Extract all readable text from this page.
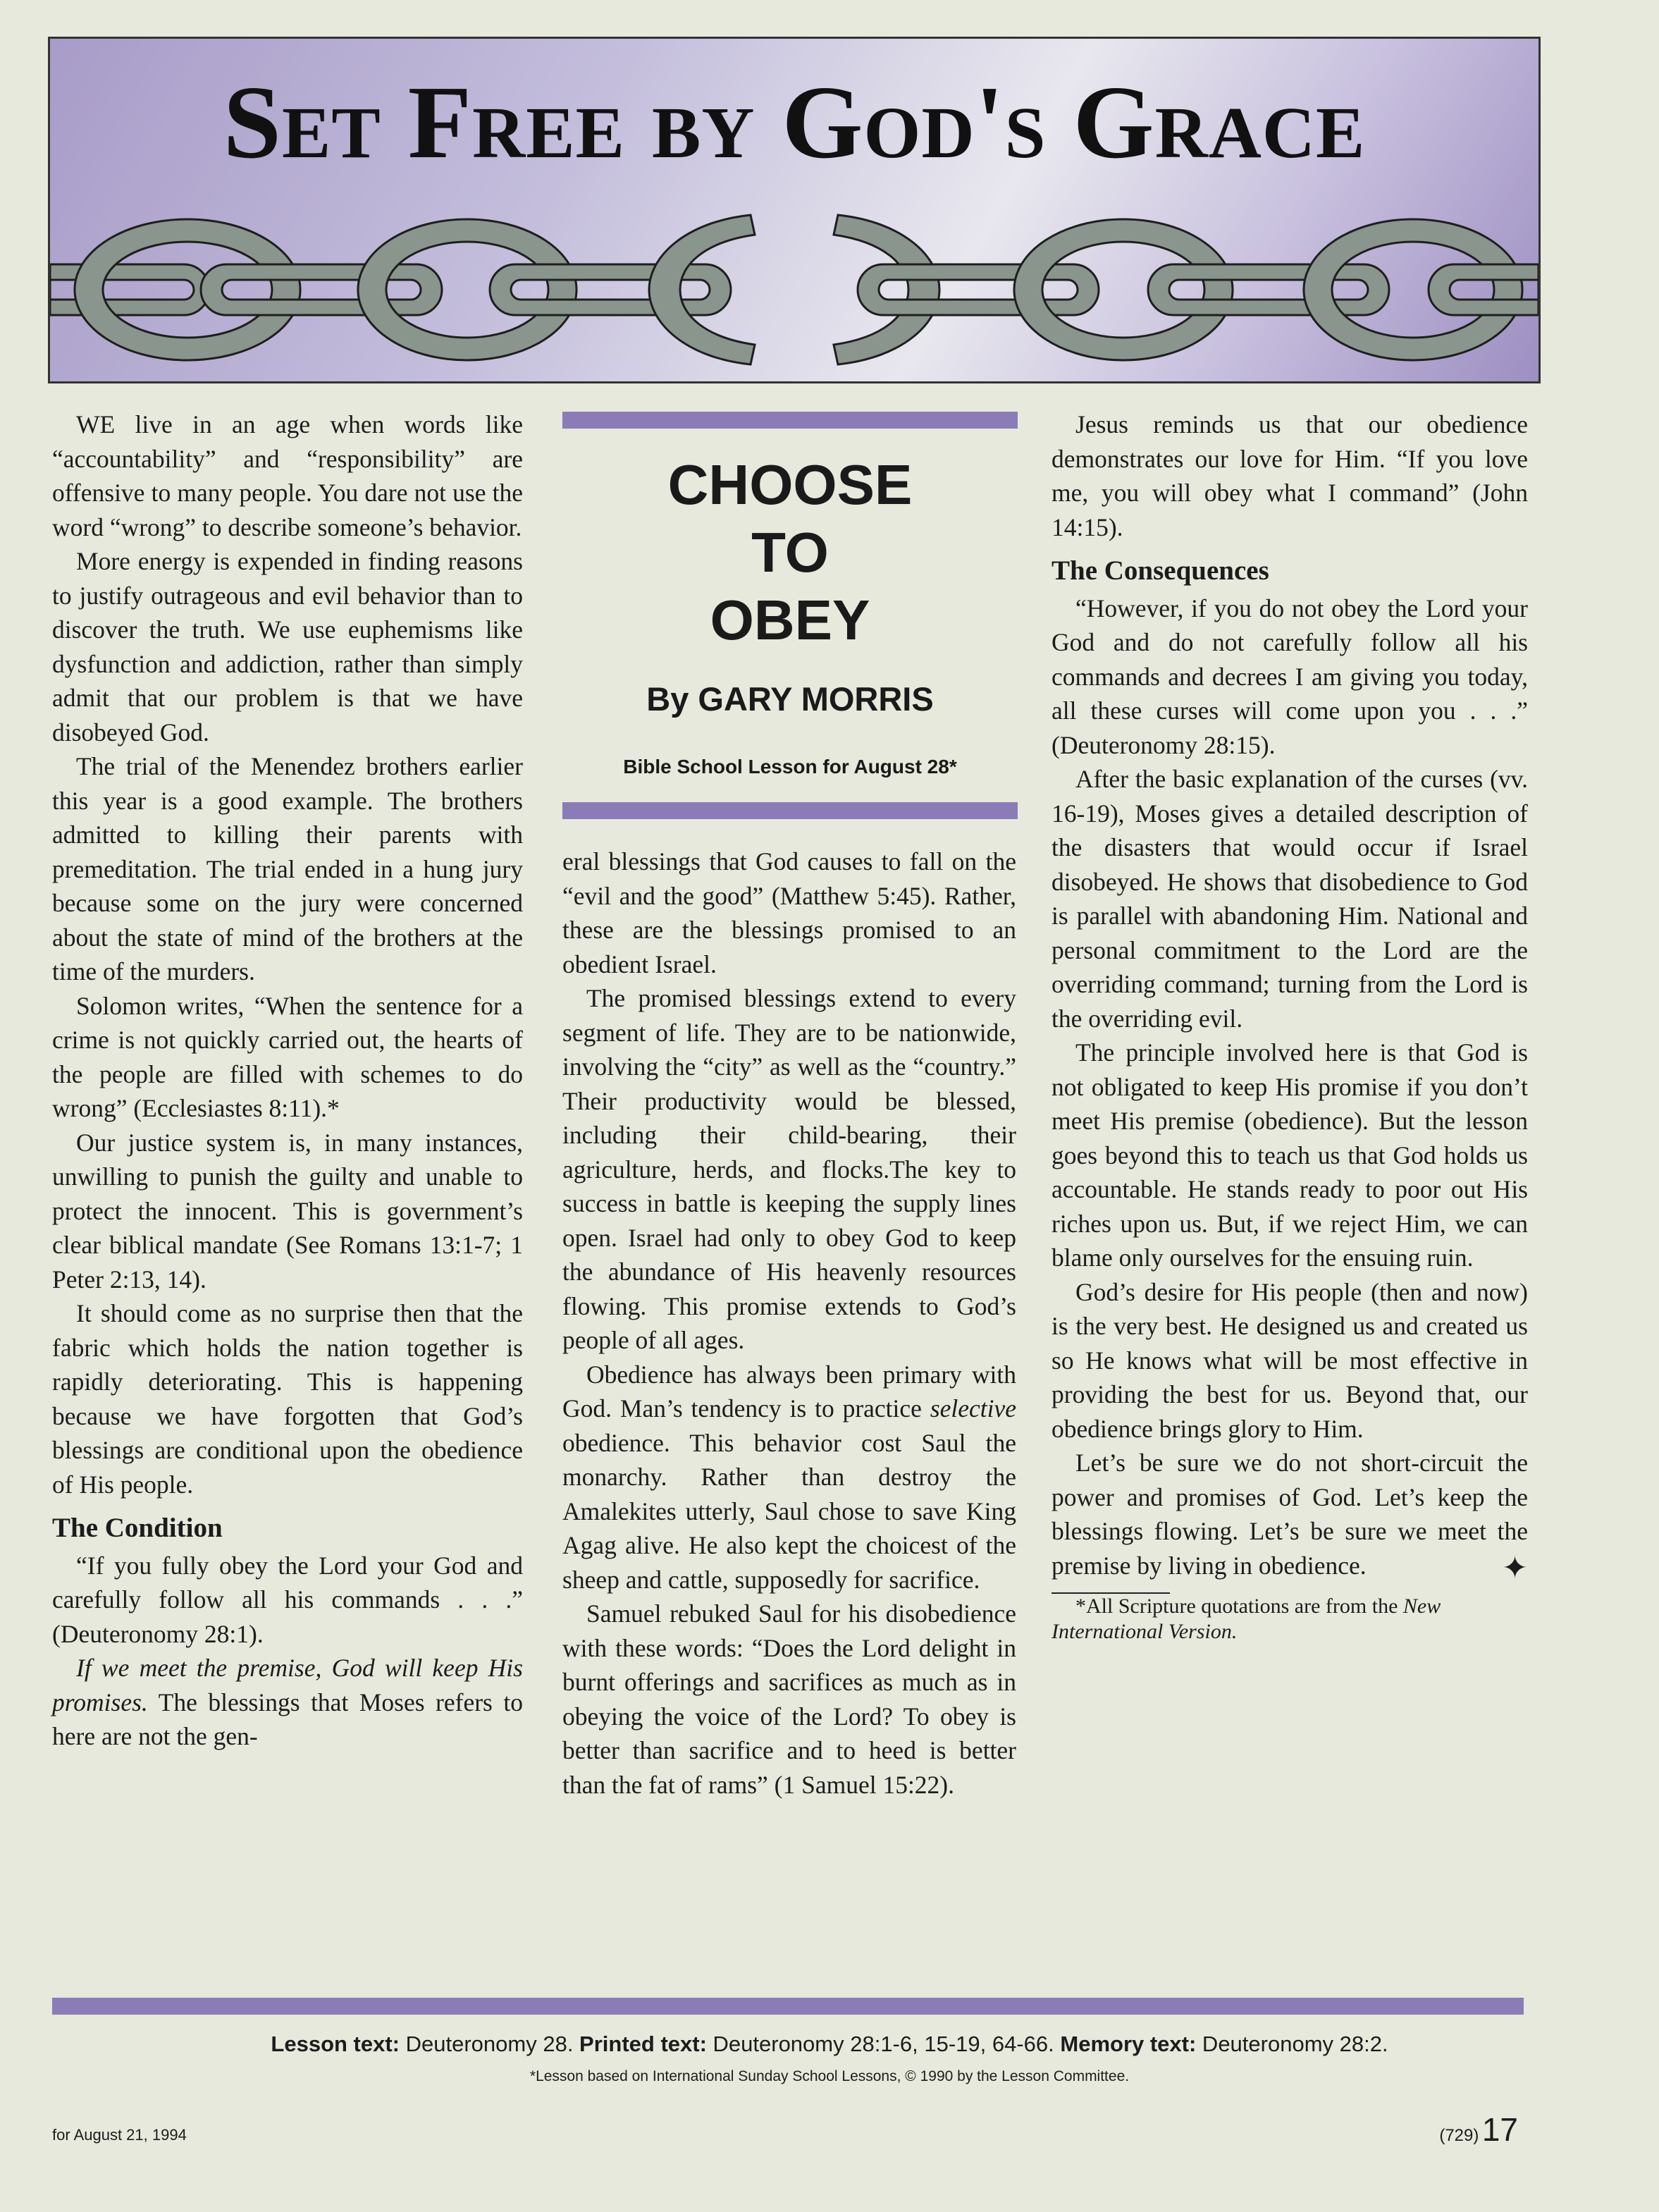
Set Free by God's Grace

WE live in an age when words like “accountability” and “responsibility” are offensive to many people. You dare not use the word “wrong” to describe someone’s behavior.

More energy is expended in finding reasons to justify outrageous and evil behavior than to discover the truth. We use euphemisms like dysfunction and addiction, rather than simply admit that our problem is that we have disobeyed God.

The trial of the Menendez brothers earlier this year is a good example. The brothers admitted to killing their parents with premeditation. The trial ended in a hung jury because some on the jury were concerned about the state of mind of the brothers at the time of the murders.

Solomon writes, “When the sentence for a crime is not quickly carried out, the hearts of the people are filled with schemes to do wrong” (Ecclesiastes 8:11).*

Our justice system is, in many instances, unwilling to punish the guilty and unable to protect the innocent. This is government’s clear biblical mandate (See Romans 13:1-7; 1 Peter 2:13, 14).

It should come as no surprise then that the fabric which holds the nation together is rapidly deteriorating. This is happening because we have forgotten that God’s blessings are conditional upon the obedience of His people.

The Condition

“If you fully obey the Lord your God and carefully follow all his commands . . .” (Deuteronomy 28:1).

If we meet the premise, God will keep His promises. The blessings that Moses refers to here are not the gen-

CHOOSE
TO
OBEY
By GARY MORRIS
Bible School Lesson for August 28*

eral blessings that God causes to fall on the “evil and the good” (Matthew 5:45). Rather, these are the blessings promised to an obedient Israel.

The promised blessings extend to every segment of life. They are to be nationwide, involving the “city” as well as the “country.” Their productivity would be blessed, including their child-bearing, their agriculture, herds, and flocks.The key to success in battle is keeping the supply lines open. Israel had only to obey God to keep the abundance of His heavenly resources flowing. This promise extends to God’s people of all ages.

Obedience has always been primary with God. Man’s tendency is to practice selective obedience. This behavior cost Saul the monarchy. Rather than destroy the Amalekites utterly, Saul chose to save King Agag alive. He also kept the choicest of the sheep and cattle, supposedly for sacrifice.

Samuel rebuked Saul for his disobedience with these words: “Does the Lord delight in burnt offerings and sacrifices as much as in obeying the voice of the Lord? To obey is better than sacrifice and to heed is better than the fat of rams” (1 Samuel 15:22).

Jesus reminds us that our obedience demonstrates our love for Him. “If you love me, you will obey what I command” (John 14:15).

The Consequences

“However, if you do not obey the Lord your God and do not carefully follow all his commands and decrees I am giving you today, all these curses will come upon you . . .” (Deuteronomy 28:15).

After the basic explanation of the curses (vv. 16-19), Moses gives a detailed description of the disasters that would occur if Israel disobeyed. He shows that disobedience to God is parallel with abandoning Him. National and personal commitment to the Lord are the overriding command; turning from the Lord is the overriding evil.

The principle involved here is that God is not obligated to keep His promise if you don’t meet His premise (obedience). But the lesson goes beyond this to teach us that God holds us accountable. He stands ready to poor out His riches upon us. But, if we reject Him, we can blame only ourselves for the ensuing ruin.

God’s desire for His people (then and now) is the very best. He designed us and created us so He knows what will be most effective in providing the best for us. Beyond that, our obedience brings glory to Him.

Let’s be sure we do not short-circuit the power and promises of God. Let’s keep the blessings flowing. Let’s be sure we meet the premise by living in obedience.	✦

*All Scripture quotations are from the New International Version.

Lesson text: Deuteronomy 28. Printed text: Deuteronomy 28:1-6, 15-19, 64-66. Memory text: Deuteronomy 28:2.
*Lesson based on International Sunday School Lessons, © 1990 by the Lesson Committee.
for August 21, 1994	(729) 17
